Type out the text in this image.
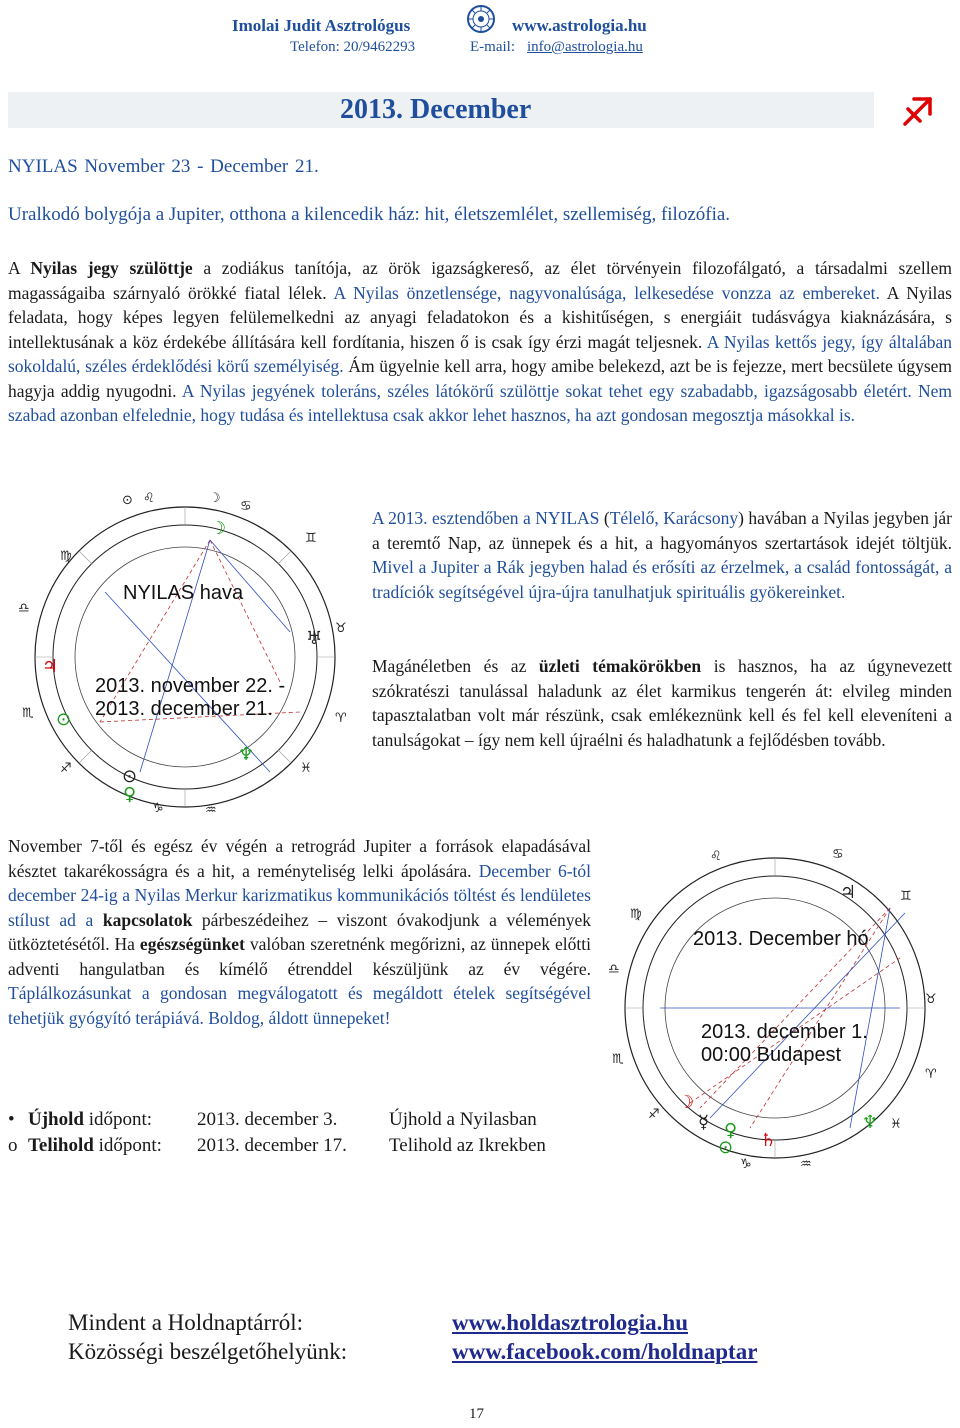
Imolai Judit Asztrológus	www.astrologia.hu
Telefon: 20/9462293	E-mail: info@astrologia.hu
2013. December
NYILAS November 23 - December 21.
Uralkodó bolygója a Jupiter, otthona a kilencedik ház: hit, életszemlélet, szellemiség, filozófia.
A Nyilas jegy szülöttje a zodiákus tanítója, az örök igazságkereső, az élet törvényein filozofálgató, a társadalmi szellem magasságaiba szárnyaló örökké fiatal lélek. A Nyilas önzetlensége, nagyvonalúsága, lelkesedése vonzza az embereket. A Nyilas feladata, hogy képes legyen felülemelkedni az anyagi feladatokon és a kishitűségen, s energiáit tudásvágya kiaknázására, s intellektusának a köz érdekébe állítására kell fordítania, hiszen ő is csak így érzi magát teljesnek. A Nyilas kettős jegy, így általában sokoldalú, széles érdeklődési körű személyiség. Ám ügyelnie kell arra, hogy amibe belekezd, azt be is fejezze, mert becsülete úgysem hagyja addig nyugodni. A Nyilas jegyének toleráns, széles látókörű szülöttje sokat tehet egy szabadabb, igazságosabb életért. Nem szabad azonban elfelednie, hogy tudása és intellektusa csak akkor lehet hasznos, ha azt gondosan megosztja másokkal is.
⊙ ♌	☽
♋
♍
♊
♎
♉
♏	♈
♐	♓
♑	♒
☽
♃
⊙
⊙
♀
♆
♅
NYILAS hava
2013. november 22. -
2013. december 21.
A 2013. esztendőben a NYILAS (Télelő, Karácsony) havában a Nyilas jegyben jár a teremtő Nap, az ünnepek és a hit, a hagyományos szertartások idejét töltjük. Mivel a Jupiter a Rák jegyben halad és erősíti az érzelmek, a család fontosságát, a tradíciók segítségével újra-újra tanulhatjuk spirituális gyökereinket.
Magánéletben és az üzleti témakörökben is hasznos, ha az úgynevezett szókratészi tanulással haladunk az élet karmikus tengerén át: elvileg minden tapasztalatban volt már részünk, csak emlékeznünk kell és fel kell eleveníteni a tanulságokat – így nem kell újraélni és haladhatunk a fejlődésben tovább.
November 7-től és egész év végén a retrográd Jupiter a források elapadásával késztet takarékosságra és a hit, a reményteliség lelki ápolására. December 6-tól december 24-ig a Nyilas Merkur karizmatikus kommunikációs töltést és lendületes stílust ad a kapcsolatok párbeszédeihez – viszont óvakodjunk a vélemények ütköztetésétől. Ha egészségünket valóban szeretnénk megőrizni, az ünnepek előtti adventi hangulatban és kímélő étrenddel készüljünk az év végére. Táplálkozásunkat a gondosan megválogatott és megáldott ételek segítségével tehetjük gyógyító terápiává. Boldog, áldott ünnepeket!
♌	♋
♍
♊
♎
♉
♏
♈
♐
♓
♑	♒
♃
☽
☿
⊙
♀ ♄
♆
2013. December hó
2013. december 1.
00:00 Budapest
• Újhold időpont: 2013. december 3.	Újhold a Nyilasban
o Telihold időpont: 2013. december 17. Telihold az Ikrekben
Mindent a Holdnaptárról:
Közösségi beszélgetőhelyünk:
www.holdasztrologia.hu
www.facebook.com/holdnaptar
17
